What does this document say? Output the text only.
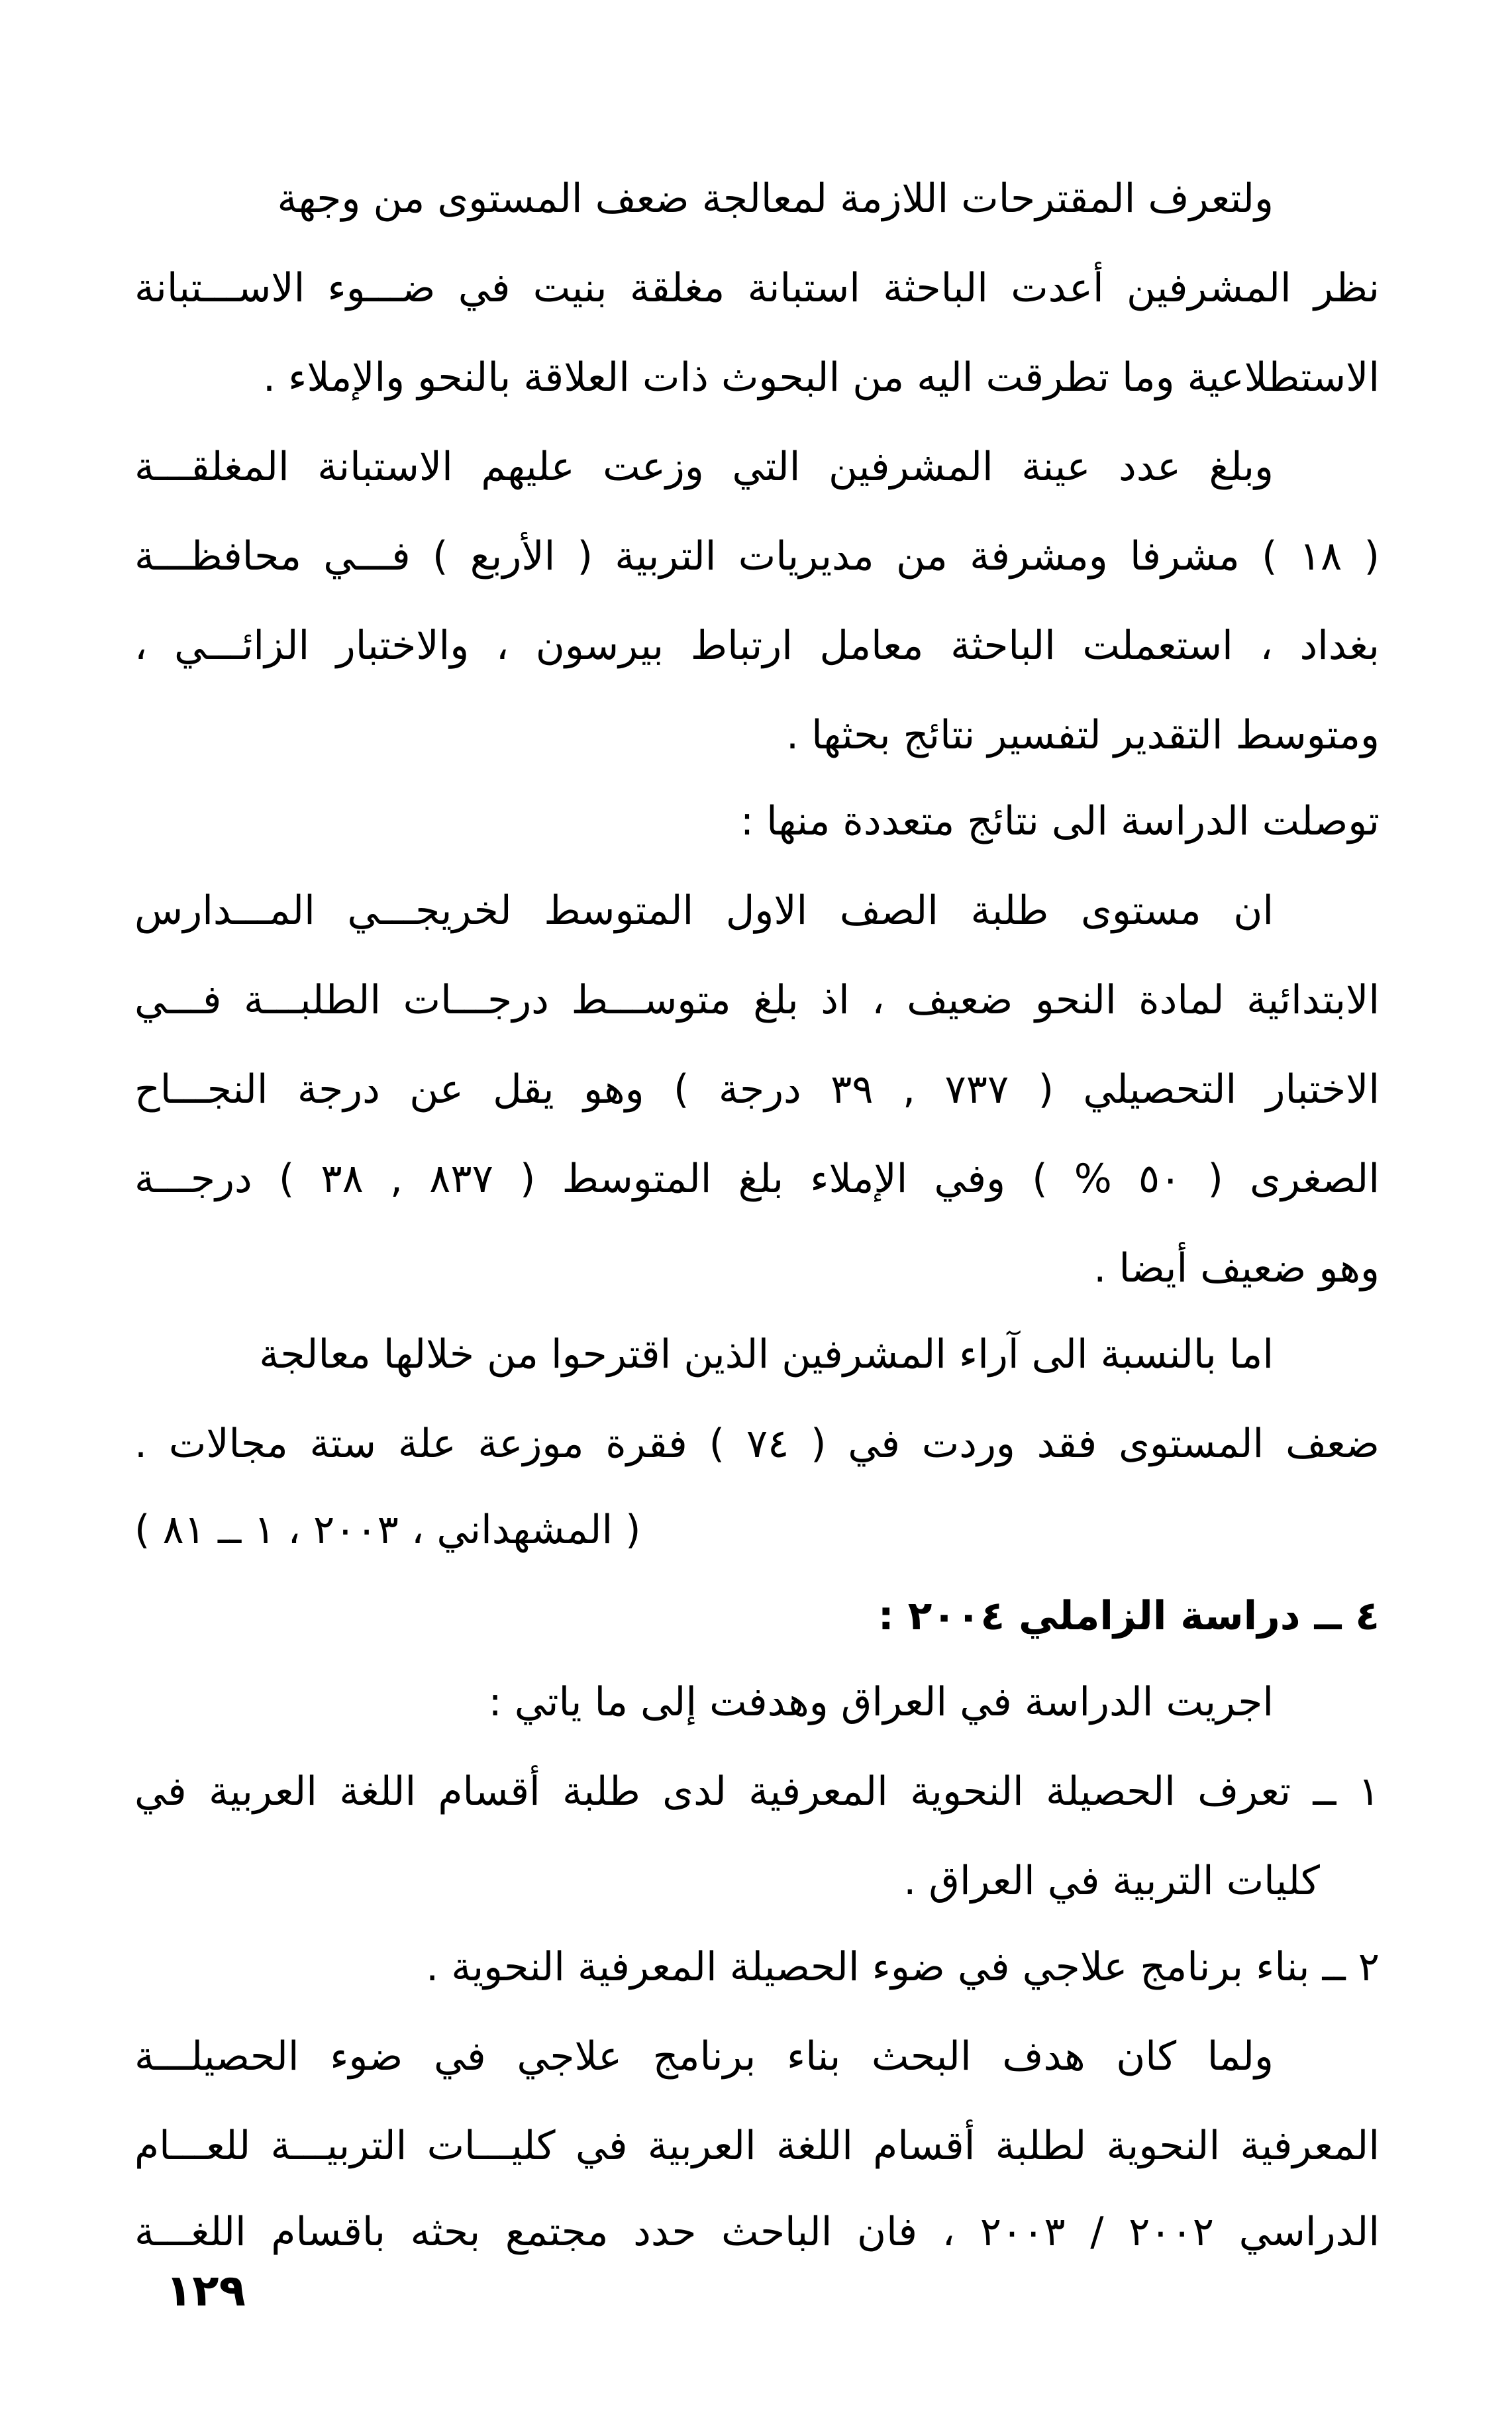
ولتعرف المقترحات اللازمة لمعالجة ضعف المستوى من وجهة
نظر المشرفين أعدت الباحثة استبانة مغلقة بنيت في ضـــوء الاســـتبانة
الاستطلاعية وما تطرقت اليه من البحوث ذات العلاقة بالنحو والإملاء .
وبلغ عدد عينة المشرفين التي وزعت عليهم الاستبانة المغلقـــة
( ١٨ ) مشرفا ومشرفة من مديريات التربية ( الأربع ) فـــي محافظـــة
بغداد ، استعملت الباحثة معامل ارتباط بيرسون ، والاختبار الزائـــي ،
ومتوسط التقدير لتفسير نتائج بحثها .
توصلت الدراسة الى نتائج متعددة منها :
ان مستوى طلبة الصف الاول المتوسط لخريجـــي المـــدارس
الابتدائية لمادة النحو ضعيف ، اذ بلغ متوســـط درجـــات الطلبـــة فـــي
الاختبار التحصيلي ( ٧٣٧ , ٣٩ درجة ) وهو يقل عن درجة النجـــاح
الصغرى ( ٥٠ % ) وفي الإملاء بلغ المتوسط ( ٨٣٧ , ٣٨ ) درجـــة
وهو ضعيف أيضا .
اما بالنسبة الى آراء المشرفين الذين اقترحوا من خلالها معالجة
ضعف المستوى فقد وردت في ( ٧٤ ) فقرة موزعة علة ستة مجالات .
( المشهداني ، ٢٠٠٣ ، ١ ــ ٨١ )
٤ ــ دراسة الزاملي ٢٠٠٤ :
اجريت الدراسة في العراق وهدفت إلى ما ياتي :
١ ــ تعرف الحصيلة النحوية المعرفية لدى طلبة أقسام اللغة العربية في
كليات التربية في العراق .
٢ ــ بناء برنامج علاجي في ضوء الحصيلة المعرفية النحوية .
ولما كان هدف البحث بناء برنامج علاجي في ضوء الحصيلـــة
المعرفية النحوية لطلبة أقسام اللغة العربية في كليـــات التربيـــة للعـــام
الدراسي ٢٠٠٢ / ٢٠٠٣ ، فان الباحث حدد مجتمع بحثه باقسام اللغـــة
١٢٩
